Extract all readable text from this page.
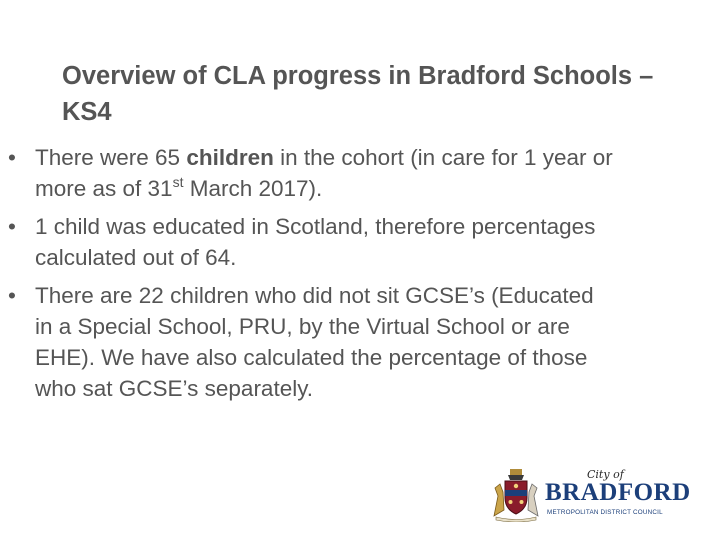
Overview of CLA progress in Bradford Schools – KS4
• There were 65 children in the cohort (in care for 1 year or more as of 31st March 2017).
• 1 child was educated in Scotland, therefore percentages calculated out of 64.
• There are 22 children who did not sit GCSE’s (Educated in a Special School, PRU, by the Virtual School or are EHE). We have also calculated the percentage of those who sat GCSE’s separately.
City of
BRADFORD
METROPOLITAN DISTRICT COUNCIL
